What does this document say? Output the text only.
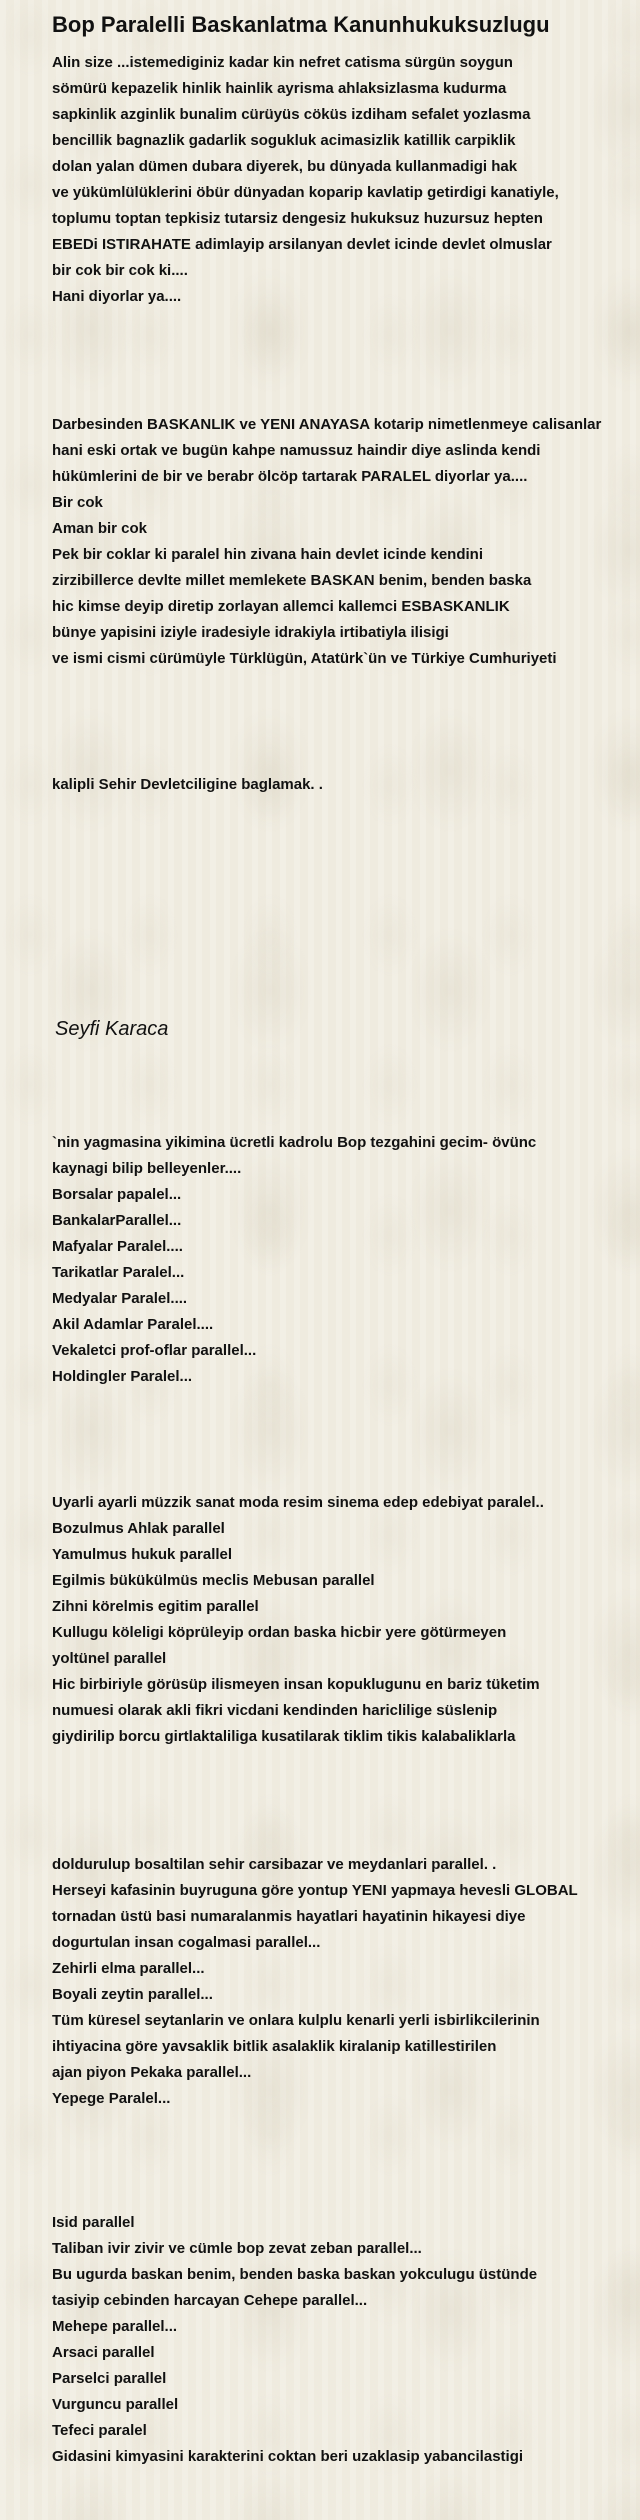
Bop Paralelli Baskanlatma Kanunhukuksuzlugu
Alin size ...istemediginiz kadar kin nefret catisma sürgün soygun
sömürü kepazelik hinlik hainlik ayrisma ahlaksizlasma kudurma
sapkinlik azginlik bunalim cürüyüs cöküs izdiham sefalet yozlasma
bencillik bagnazlik gadarlik sogukluk acimasizlik katillik carpiklik
dolan yalan dümen dubara diyerek, bu dünyada kullanmadigi hak
ve yükümlülüklerini öbür dünyadan koparip kavlatip getirdigi kanatiyle,
toplumu toptan tepkisiz tutarsiz dengesiz hukuksuz huzursuz hepten
EBEDi ISTIRAHATE adimlayip arsilanyan devlet icinde devlet olmuslar
bir cok bir cok ki....
Hani diyorlar ya....
Darbesinden BASKANLIK ve YENI ANAYASA kotarip nimetlenmeye calisanlar
hani eski ortak ve bugün kahpe namussuz haindir diye aslinda kendi
hükümlerini de bir ve berabr ölcöp tartarak PARALEL diyorlar ya....
Bir cok
Aman bir cok
Pek bir coklar ki paralel hin zivana hain devlet icinde kendini
zirzibillerce devlte millet memlekete BASKAN benim, benden baska
hic kimse deyip diretip zorlayan allemci kallemci ESBASKANLIK
bünye yapisini iziyle iradesiyle idrakiyla irtibatiyla ilisigi
ve ismi cismi cürümüyle Türklügün, Atatürk`ün ve Türkiye Cumhuriyeti
kalipli Sehir Devletciligine baglamak. .
Seyfi Karaca
`nin yagmasina yikimina ücretli kadrolu Bop tezgahini gecim- övünc
kaynagi bilip belleyenler....
Borsalar papalel...
BankalarParallel...
Mafyalar Paralel....
Tarikatlar Paralel...
Medyalar Paralel....
Akil Adamlar Paralel....
Vekaletci prof-oflar parallel...
Holdingler Paralel...
Uyarli ayarli müzzik sanat moda resim sinema edep edebiyat paralel..
Bozulmus Ahlak parallel
Yamulmus hukuk parallel
Egilmis bükükülmüs meclis Mebusan parallel
Zihni körelmis egitim parallel
Kullugu köleligi köprüleyip ordan baska hicbir yere götürmeyen
yoltünel parallel
Hic birbiriyle görüsüp ilismeyen insan kopuklugunu en bariz tüketim
numuesi olarak akli fikri vicdani kendinden hariclilige süslenip
giydirilip borcu girtlaktaliliga kusatilarak tiklim tikis kalabaliklarla
doldurulup bosaltilan sehir carsibazar ve meydanlari parallel. .
Herseyi kafasinin buyruguna göre yontup YENI yapmaya hevesli GLOBAL
tornadan üstü basi numaralanmis hayatlari hayatinin hikayesi diye
dogurtulan insan cogalmasi parallel...
Zehirli elma parallel...
Boyali zeytin parallel...
Tüm küresel seytanlarin ve onlara kulplu kenarli yerli isbirlikcilerinin
ihtiyacina göre yavsaklik bitlik asalaklik kiralanip katillestirilen
ajan piyon Pekaka parallel...
Yepege Paralel...
Isid parallel
Taliban ivir zivir ve cümle bop zevat zeban parallel...
Bu ugurda baskan benim, benden baska baskan yokculugu üstünde
tasiyip cebinden harcayan Cehepe parallel...
Mehepe parallel...
Arsaci parallel
Parselci parallel
Vurguncu parallel
Tefeci paralel
Gidasini kimyasini karakterini coktan beri uzaklasip yabancilastigi
